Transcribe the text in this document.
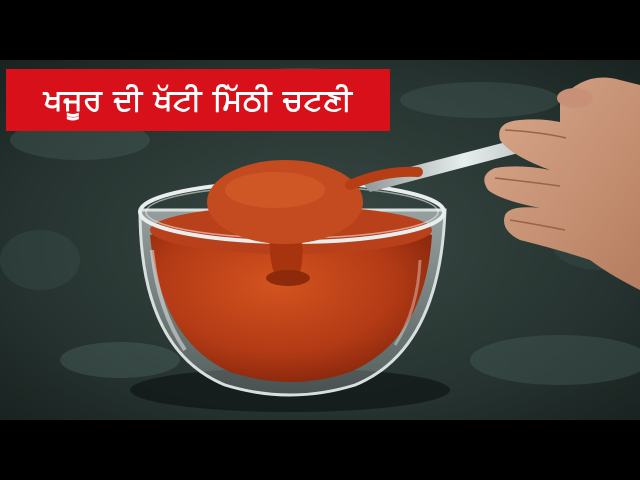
ਖਜੂਰ ਦੀ ਖੱਟੀ ਮਿੱਠੀ ਚਟਣੀ
